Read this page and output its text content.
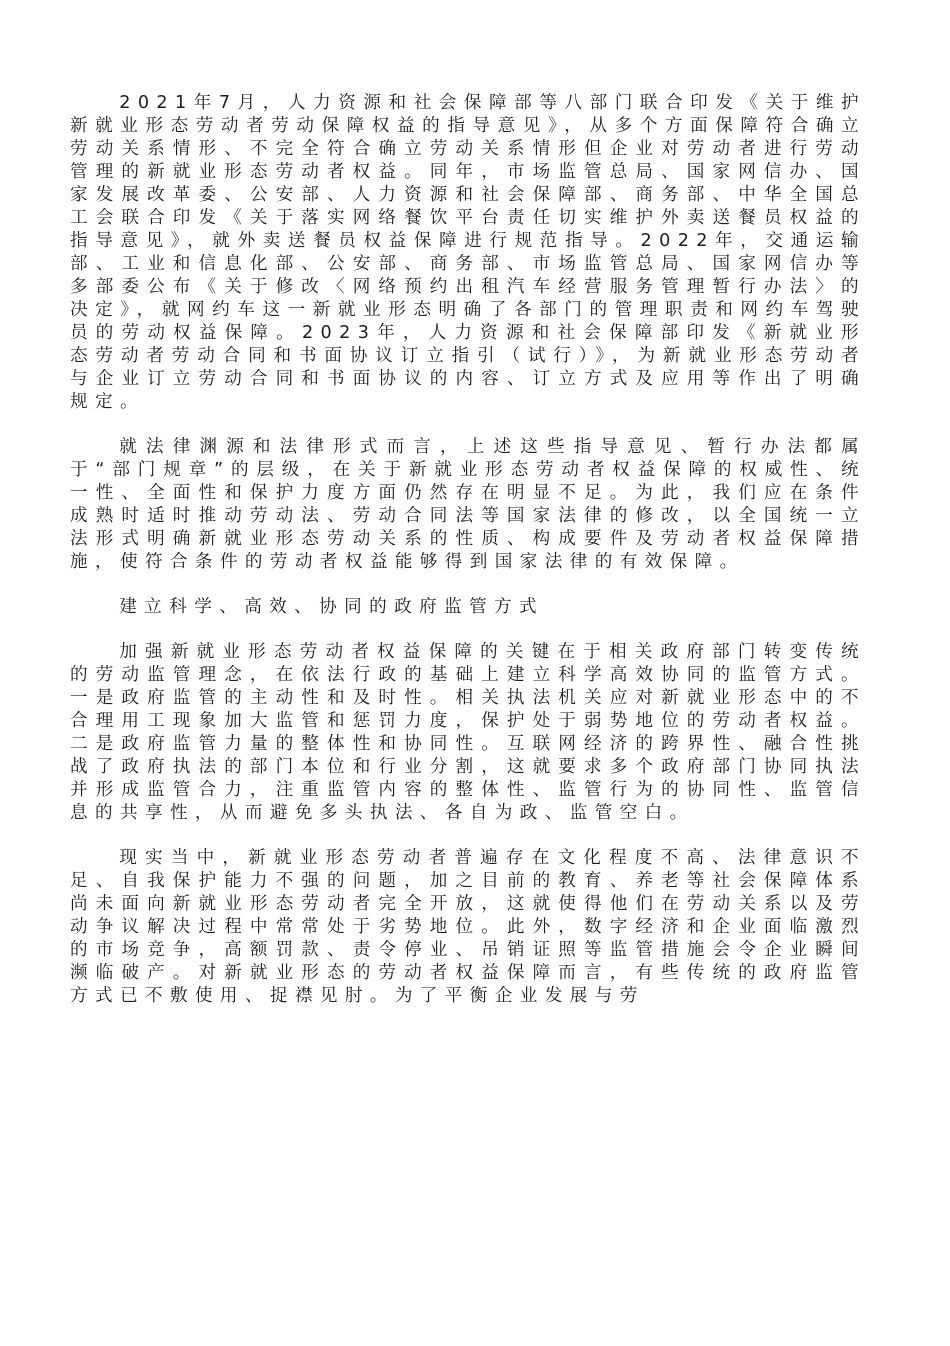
2021年7月，人力资源和社会保障部等八部门联合印发《关于维护新就业形态劳动者劳动保障权益的指导意见》，从多个方面保障符合确立劳动关系情形、不完全符合确立劳动关系情形但企业对劳动者进行劳动管理的新就业形态劳动者权益。同年，市场监管总局、国家网信办、国家发展改革委、公安部、人力资源和社会保障部、商务部、中华全国总工会联合印发《关于落实网络餐饮平台责任切实维护外卖送餐员权益的指导意见》，就外卖送餐员权益保障进行规范指导。2022年，交通运输部、工业和信息化部、公安部、商务部、市场监管总局、国家网信办等多部委公布《关于修改〈网络预约出租汽车经营服务管理暂行办法〉的决定》，就网约车这一新就业形态明确了各部门的管理职责和网约车驾驶员的劳动权益保障。2023年，人力资源和社会保障部印发《新就业形态劳动者劳动合同和书面协议订立指引（试行）》，为新就业形态劳动者与企业订立劳动合同和书面协议的内容、订立方式及应用等作出了明确规定。

就法律渊源和法律形式而言，上述这些指导意见、暂行办法都属于“部门规章”的层级，在关于新就业形态劳动者权益保障的权威性、统一性、全面性和保护力度方面仍然存在明显不足。为此，我们应在条件成熟时适时推动劳动法、劳动合同法等国家法律的修改，以全国统一立法形式明确新就业形态劳动关系的性质、构成要件及劳动者权益保障措施，使符合条件的劳动者权益能够得到国家法律的有效保障。

建立科学、高效、协同的政府监管方式

加强新就业形态劳动者权益保障的关键在于相关政府部门转变传统的劳动监管理念，在依法行政的基础上建立科学高效协同的监管方式。一是政府监管的主动性和及时性。相关执法机关应对新就业形态中的不合理用工现象加大监管和惩罚力度，保护处于弱势地位的劳动者权益。二是政府监管力量的整体性和协同性。互联网经济的跨界性、融合性挑战了政府执法的部门本位和行业分割，这就要求多个政府部门协同执法并形成监管合力，注重监管内容的整体性、监管行为的协同性、监管信息的共享性，从而避免多头执法、各自为政、监管空白。

现实当中，新就业形态劳动者普遍存在文化程度不高、法律意识不足、自我保护能力不强的问题，加之目前的教育、养老等社会保障体系尚未面向新就业形态劳动者完全开放，这就使得他们在劳动关系以及劳动争议解决过程中常常处于劣势地位。此外，数字经济和企业面临激烈的市场竞争，高额罚款、责令停业、吊销证照等监管措施会令企业瞬间濒临破产。对新就业形态的劳动者权益保障而言，有些传统的政府监管方式已不敷使用、捉襟见肘。为了平衡企业发展与劳
